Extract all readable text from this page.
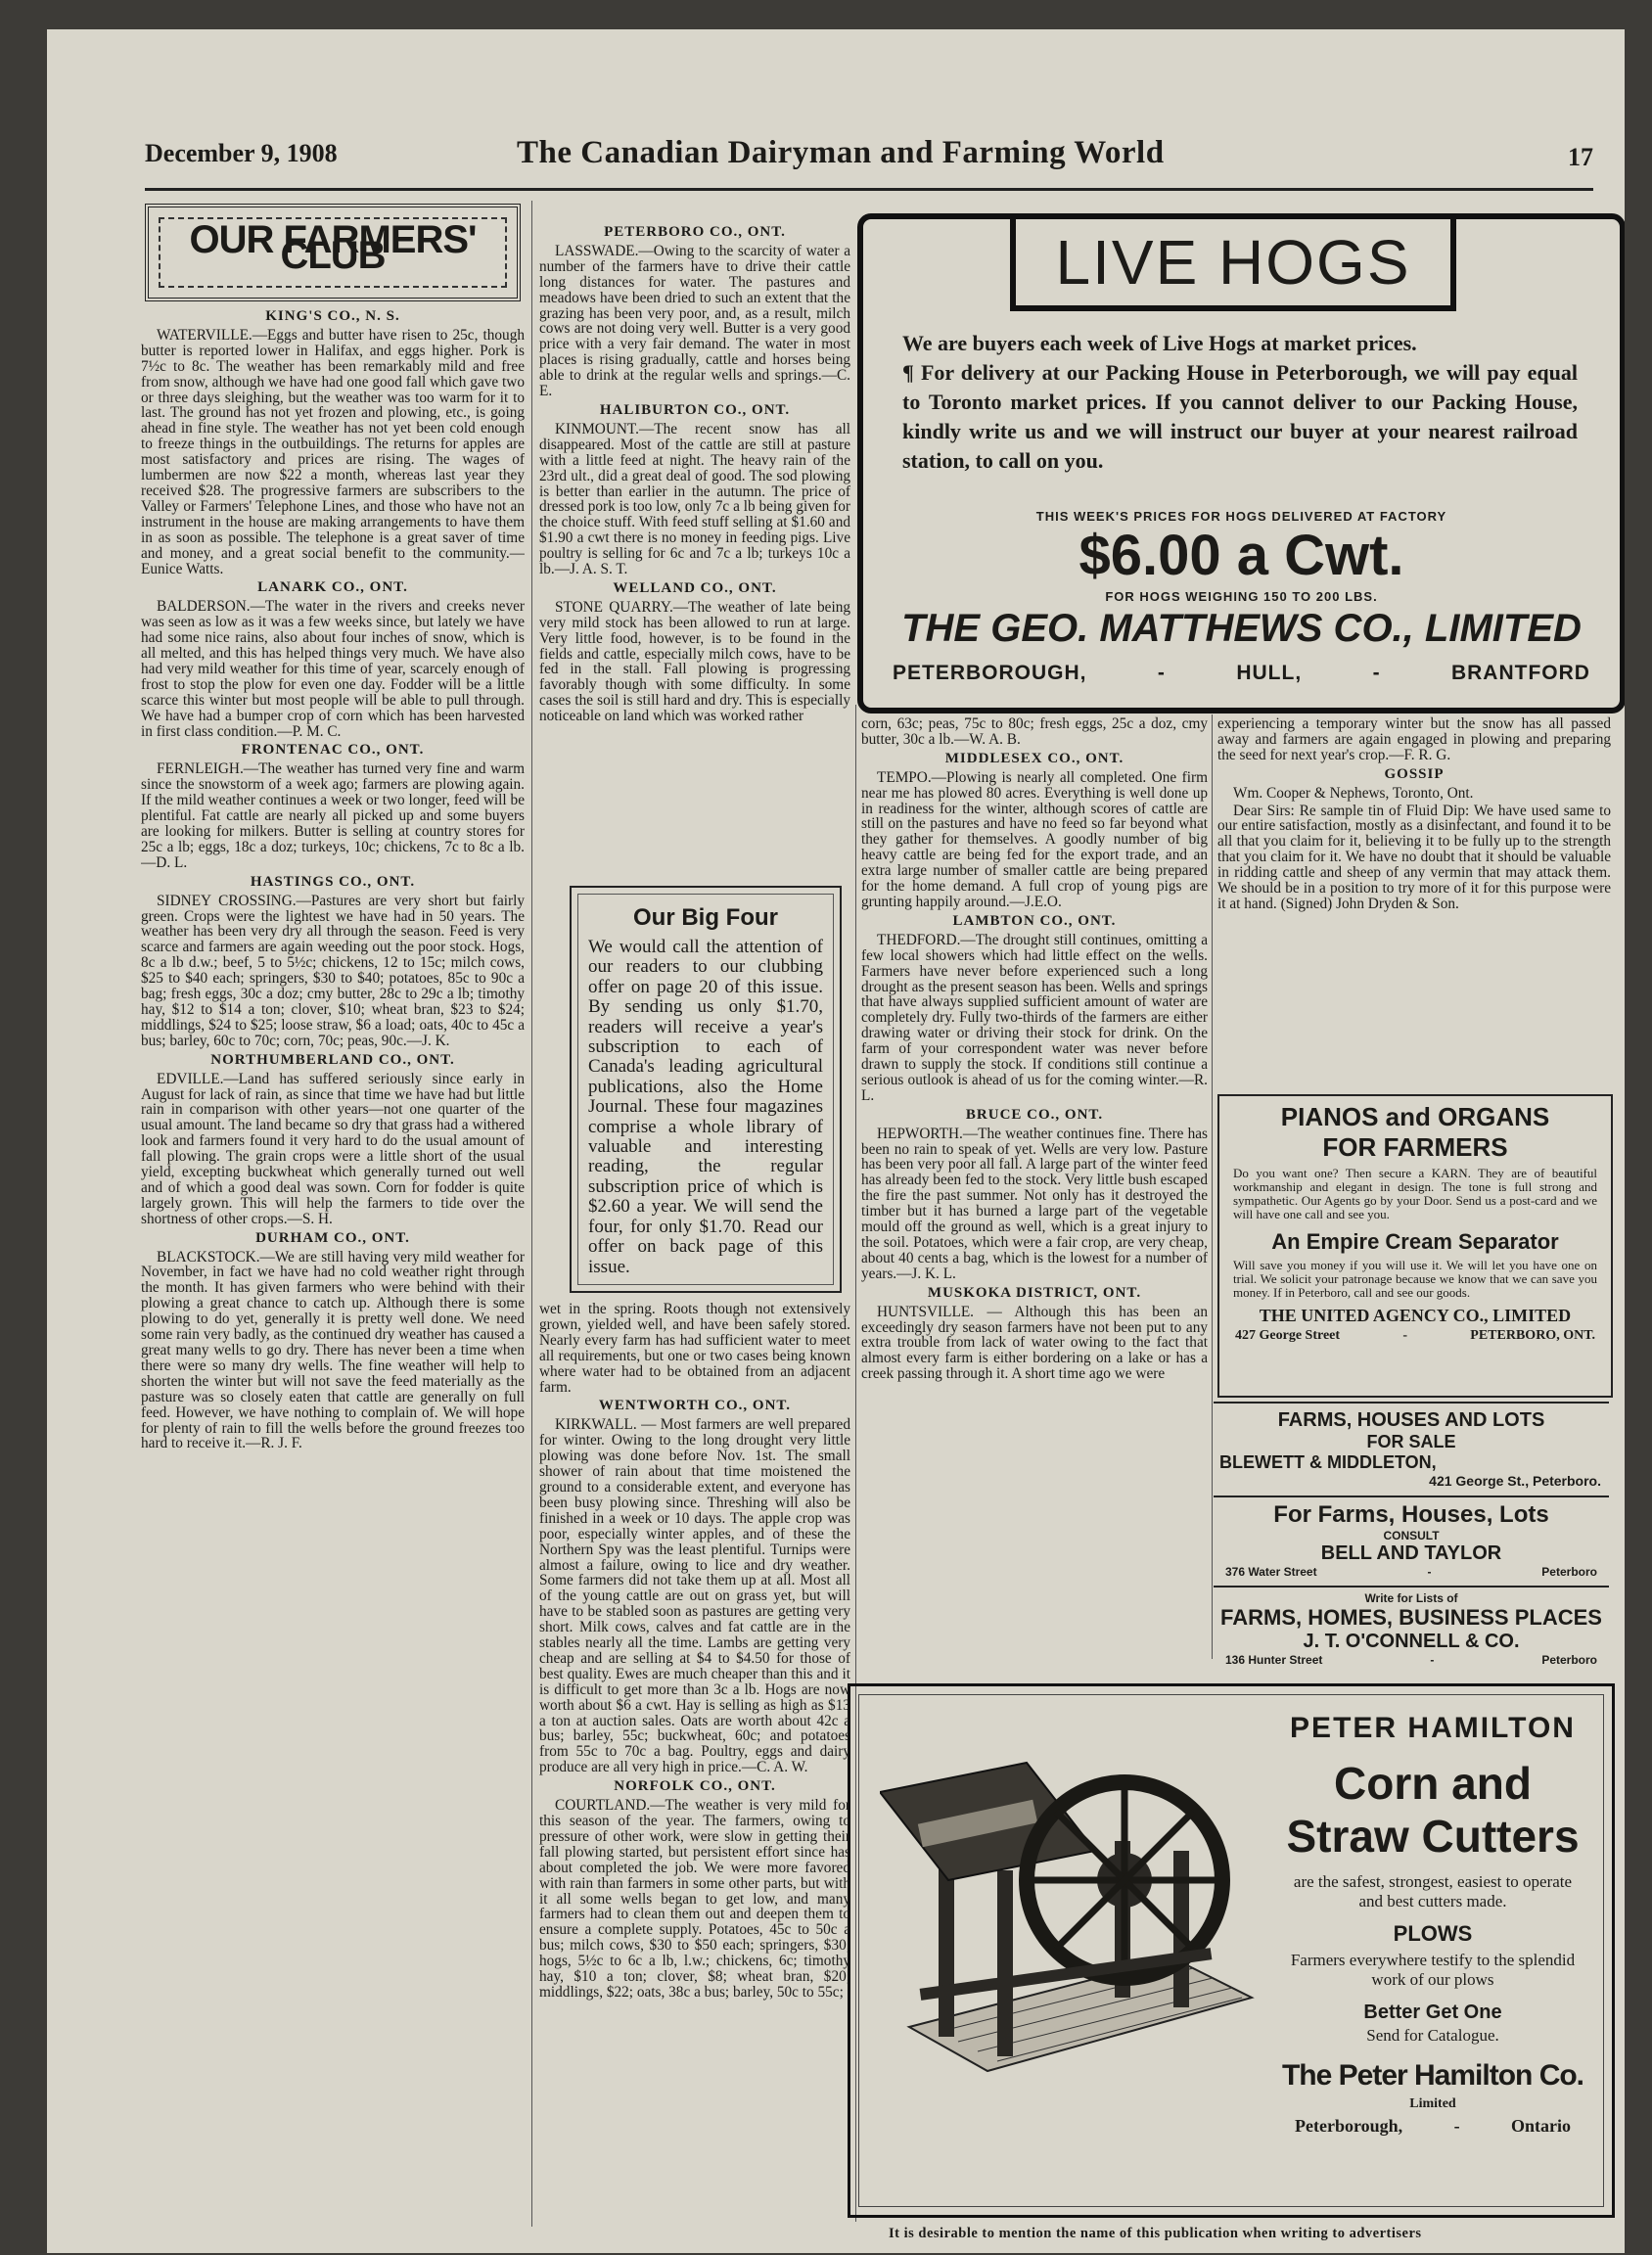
December 9, 1908	The Canadian Dairyman and Farming World	17
OUR FARMERS' CLUB
KING'S CO., N. S.

WATERVILLE.—Eggs and butter have risen to 25c, though butter is reported lower in Halifax, and eggs higher. Pork is 7½c to 8c. The weather has been remarkably mild and free from snow, although we have had one good fall which gave two or three days sleighing, but the weather was too warm for it to last. The ground has not yet frozen and plowing, etc., is going ahead in fine style. The weather has not yet been cold enough to freeze things in the outbuildings. The returns for apples are most satisfactory and prices are rising. The wages of lumbermen are now $22 a month, whereas last year they received $28. The progressive farmers are subscribers to the Valley or Farmers' Telephone Lines, and those who have not an instrument in the house are making arrangements to have them in as soon as possible. The telephone is a great saver of time and money, and a great social benefit to the community.—Eunice Watts.

LANARK CO., ONT.

BALDERSON.—The water in the rivers and creeks never was seen as low as it was a few weeks since, but lately we have had some nice rains, also about four inches of snow, which is all melted, and this has helped things very much. We have also had very mild weather for this time of year, scarcely enough of frost to stop the plow for even one day. Fodder will be a little scarce this winter but most people will be able to pull through. We have had a bumper crop of corn which has been harvested in first class condition.—P. M. C.

FRONTENAC CO., ONT.

FERNLEIGH.—The weather has turned very fine and warm since the snowstorm of a week ago; farmers are plowing again. If the mild weather continues a week or two longer, feed will be plentiful. Fat cattle are nearly all picked up and some buyers are looking for milkers. Butter is selling at country stores for 25c a lb; eggs, 18c a doz; turkeys, 10c; chickens, 7c to 8c a lb.—D. L.

HASTINGS CO., ONT.

SIDNEY CROSSING.—Pastures are very short but fairly green. Crops were the lightest we have had in 50 years. The weather has been very dry all through the season. Feed is very scarce and farmers are again weeding out the poor stock. Hogs, 8c a lb d.w.; beef, 5 to 5½c; chickens, 12 to 15c; milch cows, $25 to $40 each; springers, $30 to $40; potatoes, 85c to 90c a bag; fresh eggs, 30c a doz; cmy butter, 28c to 29c a lb; timothy hay, $12 to $14 a ton; clover, $10; wheat bran, $23 to $24; middlings, $24 to $25; loose straw, $6 a load; oats, 40c to 45c a bus; barley, 60c to 70c; corn, 70c; peas, 90c.—J. K.

NORTHUMBERLAND CO., ONT.

EDVILLE.—Land has suffered seriously since early in August for lack of rain, as since that time we have had but little rain in comparison with other years—not one quarter of the usual amount. The land became so dry that grass had a withered look and farmers found it very hard to do the usual amount of fall plowing. The grain crops were a little short of the usual yield, excepting buckwheat which generally turned out well and of which a good deal was sown. Corn for fodder is quite largely grown. This will help the farmers to tide over the shortness of other crops.—S. H.

DURHAM CO., ONT.

BLACKSTOCK.—We are still having very mild weather for November, in fact we have had no cold weather right through the month. It has given farmers who were behind with their plowing a great chance to catch up. Although there is some plowing to do yet, generally it is pretty well done. We need some rain very badly, as the continued dry weather has caused a great many wells to go dry. There has never been a time when there were so many dry wells. The fine weather will help to shorten the winter but will not save the feed materially as the pasture was so closely eaten that cattle are generally on full feed. However, we have nothing to complain of. We will hope for plenty of rain to fill the wells before the ground freezes too hard to receive it.—R. J. F.

PETERBORO CO., ONT.

LASSWADE.—Owing to the scarcity of water a number of the farmers have to drive their cattle long distances for water. The pastures and meadows have been dried to such an extent that the grazing has been very poor, and, as a result, milch cows are not doing very well. Butter is a very good price with a very fair demand. The water in most places is rising gradually, cattle and horses being able to drink at the regular wells and springs.—C. E.

HALIBURTON CO., ONT.

KINMOUNT.—The recent snow has all disappeared. Most of the cattle are still at pasture with a little feed at night. The heavy rain of the 23rd ult., did a great deal of good. The sod plowing is better than earlier in the autumn. The price of dressed pork is too low, only 7c a lb being given for the choice stuff. With feed stuff selling at $1.60 and $1.90 a cwt there is no money in feeding pigs. Live poultry is selling for 6c and 7c a lb; turkeys 10c a lb.—J. A. S. T.

WELLAND CO., ONT.

STONE QUARRY.—The weather of late being very mild stock has been allowed to run at large. Very little food, however, is to be found in the fields and cattle, especially milch cows, have to be fed in the stall. Fall plowing is progressing favorably though with some difficulty. In some cases the soil is still hard and dry. This is especially noticeable on land which was worked rather

Our Big Four

We would call the attention of our readers to our clubbing offer on page 20 of this issue. By sending us only $1.70, readers will receive a year's subscription to each of Canada's leading agricultural publications, also the Home Journal. These four magazines comprise a whole library of valuable and interesting reading, the regular subscription price of which is $2.60 a year. We will send the four, for only $1.70. Read our offer on back page of this issue.

wet in the spring. Roots though not extensively grown, yielded well, and have been safely stored. Nearly every farm has had sufficient water to meet all requirements, but one or two cases being known where water had to be obtained from an adjacent farm.

WENTWORTH CO., ONT.

KIRKWALL. — Most farmers are well prepared for winter. Owing to the long drought very little plowing was done before Nov. 1st. The small shower of rain about that time moistened the ground to a considerable extent, and everyone has been busy plowing since. Threshing will also be finished in a week or 10 days. The apple crop was poor, especially winter apples, and of these the Northern Spy was the least plentiful. Turnips were almost a failure, owing to lice and dry weather. Some farmers did not take them up at all. Most all of the young cattle are out on grass yet, but will have to be stabled soon as pastures are getting very short. Milk cows, calves and fat cattle are in the stables nearly all the time. Lambs are getting very cheap and are selling at $4 to $4.50 for those of best quality. Ewes are much cheaper than this and it is difficult to get more than 3c a lb. Hogs are now worth about $6 a cwt. Hay is selling as high as $13 a ton at auction sales. Oats are worth about 42c a bus; barley, 55c; buckwheat, 60c; and potatoes from 55c to 70c a bag. Poultry, eggs and dairy produce are all very high in price.—C. A. W.

NORFOLK CO., ONT.

COURTLAND.—The weather is very mild for this season of the year. The farmers, owing to pressure of other work, were slow in getting their fall plowing started, but persistent effort since has about completed the job. We were more favored with rain than farmers in some other parts, but with it all some wells began to get low, and many farmers had to clean them out and deepen them to ensure a complete supply. Potatoes, 45c to 50c a bus; milch cows, $30 to $50 each; springers, $30; hogs, 5½c to 6c a lb, l.w.; chickens, 6c; timothy hay, $10 a ton; clover, $8; wheat bran, $20; middlings, $22; oats, 38c a bus; barley, 50c to 55c;

LIVE HOGS
We are buyers each week of Live Hogs at market prices.
¶ For delivery at our Packing House in Peterborough, we will pay equal to Toronto market prices. If you cannot deliver to our Packing House, kindly write us and we will instruct our buyer at your nearest railroad station, to call on you.
THIS WEEK'S PRICES FOR HOGS DELIVERED AT FACTORY
$6.00 a Cwt.
FOR HOGS WEIGHING 150 TO 200 LBS.
THE GEO. MATTHEWS CO., LIMITED
PETERBOROUGH,	-	HULL,	-	BRANTFORD

corn, 63c; peas, 75c to 80c; fresh eggs, 25c a doz, cmy butter, 30c a lb.—W. A. B.

MIDDLESEX CO., ONT.

TEMPO.—Plowing is nearly all completed. One firm near me has plowed 80 acres. Everything is well done up in readiness for the winter, although scores of cattle are still on the pastures and have no feed so far beyond what they gather for themselves. A goodly number of big heavy cattle are being fed for the export trade, and an extra large number of smaller cattle are being prepared for the home demand. A full crop of young pigs are grunting happily around.—J.E.O.

LAMBTON CO., ONT.

THEDFORD.—The drought still continues, omitting a few local showers which had little effect on the wells. Farmers have never before experienced such a long drought as the present season has been. Wells and springs that have always supplied sufficient amount of water are completely dry. Fully two-thirds of the farmers are either drawing water or driving their stock for drink. On the farm of your correspondent water was never before drawn to supply the stock. If conditions still continue a serious outlook is ahead of us for the coming winter.—R. L.

BRUCE CO., ONT.

HEPWORTH.—The weather continues fine. There has been no rain to speak of yet. Wells are very low. Pasture has been very poor all fall. A large part of the winter feed has already been fed to the stock. Very little bush escaped the fire the past summer. Not only has it destroyed the timber but it has burned a large part of the vegetable mould off the ground as well, which is a great injury to the soil. Potatoes, which were a fair crop, are very cheap, about 40 cents a bag, which is the lowest for a number of years.—J. K. L.

MUSKOKA DISTRICT, ONT.

HUNTSVILLE. — Although this has been an exceedingly dry season farmers have not been put to any extra trouble from lack of water owing to the fact that almost every farm is either bordering on a lake or has a creek passing through it. A short time ago we were

experiencing a temporary winter but the snow has all passed away and farmers are again engaged in plowing and preparing the seed for next year's crop.—F. R. G.

GOSSIP

Wm. Cooper & Nephews, Toronto, Ont.

Dear Sirs: Re sample tin of Fluid Dip: We have used same to our entire satisfaction, mostly as a disinfectant, and found it to be all that you claim for it, believing it to be fully up to the strength that you claim for it. We have no doubt that it should be valuable in ridding cattle and sheep of any vermin that may attack them. We should be in a position to try more of it for this purpose were it at hand. (Signed) John Dryden & Son.

PIANOS and ORGANS
FOR FARMERS
Do you want one? Then secure a KARN. They are of beautiful workmanship and elegant in design. The tone is full strong and sympathetic. Our Agents go by your Door. Send us a post-card and we will have one call and see you.
An Empire Cream Separator
Will save you money if you will use it. We will let you have one on trial. We solicit your patronage because we know that we can save you money. If in Peterboro, call and see our goods.
THE UNITED AGENCY CO., LIMITED
427 George Street	-	PETERBORO, ONT.
FARMS, HOUSES AND LOTS
FOR SALE
BLEWETT & MIDDLETON,
421 George St., Peterboro.
For Farms, Houses, Lots
CONSULT
BELL AND TAYLOR
376 Water Street	-	Peterboro
Write for Lists of
FARMS, HOMES, BUSINESS PLACES
J. T. O'CONNELL & CO.
136 Hunter Street	-	Peterboro
PETER HAMILTON
Corn and
Straw Cutters
are the safest, strongest, easiest to operate and best cutters made.
PLOWS
Farmers everywhere testify to the splendid work of our plows
Better Get One
Send for Catalogue.
The Peter Hamilton Co.
Limited
Peterborough,	-	Ontario
It is desirable to mention the name of this publication when writing to advertisers
